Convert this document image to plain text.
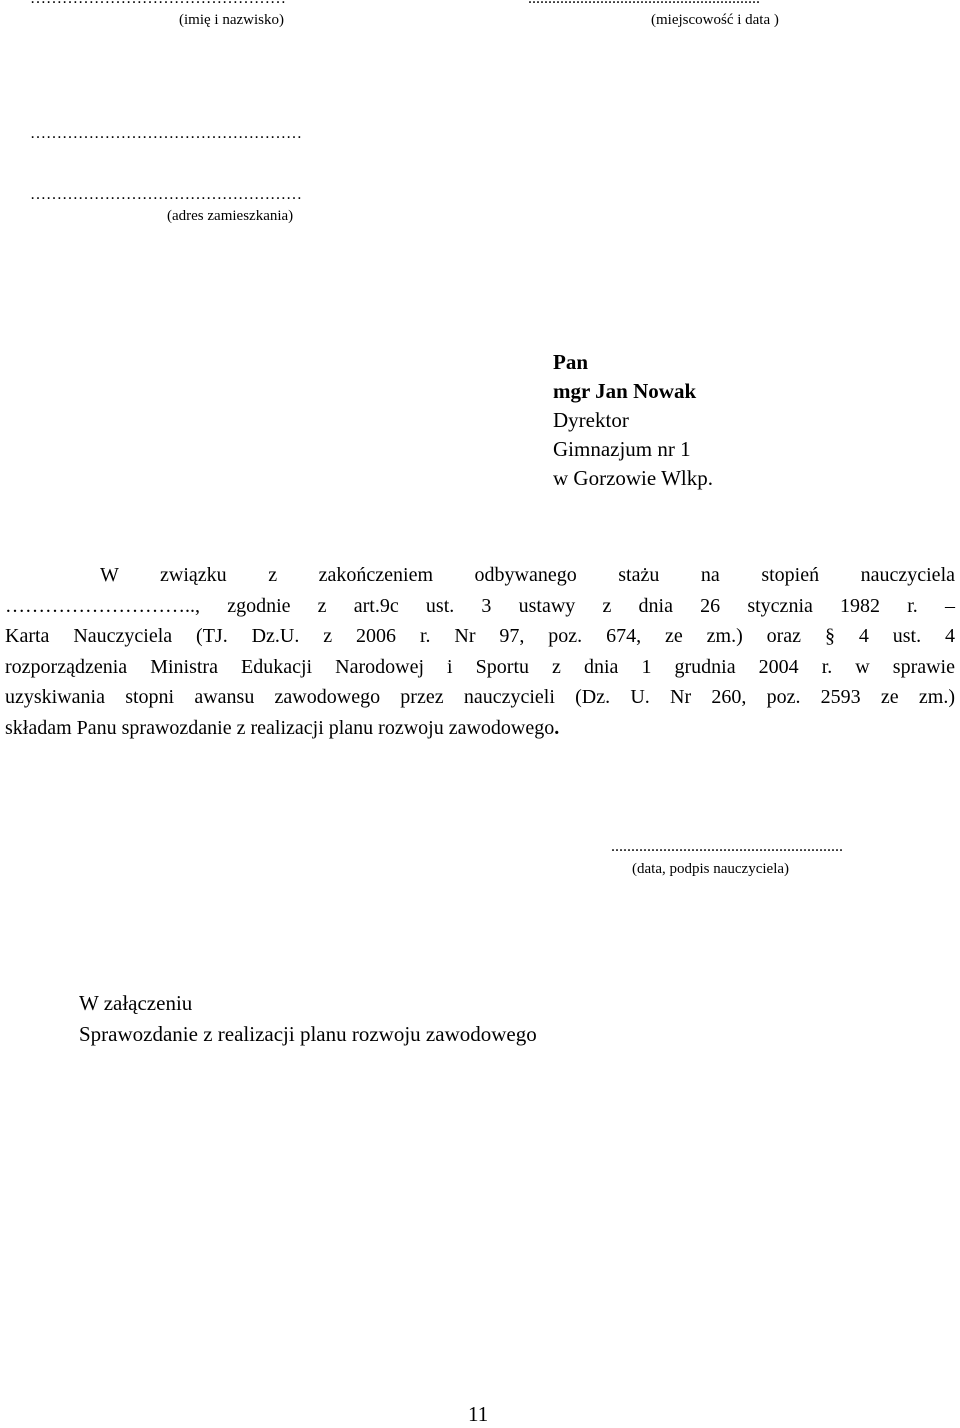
(imię i nazwisko)	(miejscowość i data )
……………………………………………
……………………………………………
(adres zamieszkania)
Pan
mgr Jan Nowak
Dyrektor
Gimnazjum nr 1
w Gorzowie Wlkp.
W związku z zakończeniem odbywanego stażu na stopień nauczyciela
……………………….., zgodnie z art.9c ust. 3 ustawy z dnia 26 stycznia 1982 r. –
Karta Nauczyciela (TJ. Dz.U. z 2006 r. Nr 97, poz. 674, ze zm.) oraz § 4 ust. 4
rozporządzenia Ministra Edukacji Narodowej i Sportu z dnia 1 grudnia 2004 r. w sprawie
uzyskiwania stopni awansu zawodowego przez nauczycieli (Dz. U. Nr 260, poz. 2593 ze zm.)
składam Panu sprawozdanie z realizacji planu rozwoju zawodowego.
..........................................................
(data, podpis nauczyciela)
W załączeniu
Sprawozdanie z realizacji planu rozwoju zawodowego
11
